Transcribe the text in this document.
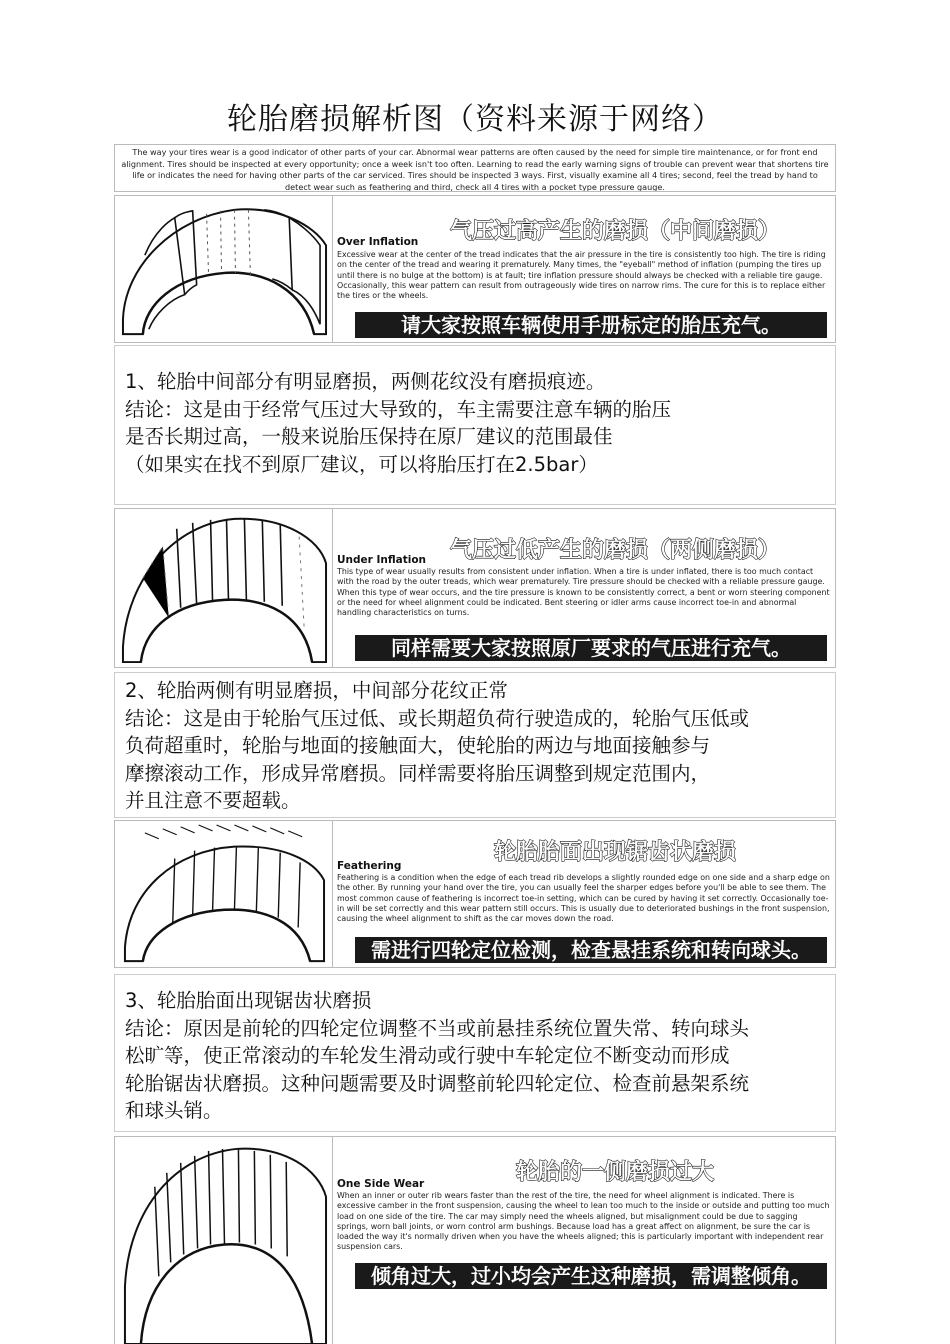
轮胎磨损解析图（资料来源于网络）
The way your tires wear is a good indicator of other parts of your car. Abnormal wear patterns are often caused by the need for simple tire maintenance, or for front end alignment. Tires should be inspected at every opportunity; once a week isn't too often. Learning to read the early warning signs of trouble can prevent wear that shortens tire life or indicates the need for having other parts of the car serviced. Tires should be inspected 3 ways. First, visually examine all 4 tires; second, feel the tread by hand to detect wear such as feathering and third, check all 4 tires with a pocket type pressure gauge.
气压过高产生的磨损（中间磨损）
Over Inflation
Excessive wear at the center of the tread indicates that the air pressure in the tire is consistently too high. The tire is riding on the center of the tread and wearing it prematurely. Many times, the "eyeball" method of inflation (pumping the tires up until there is no bulge at the bottom) is at fault; tire inflation pressure should always be checked with a reliable tire gauge. Occasionally, this wear pattern can result from outrageously wide tires on narrow rims. The cure for this is to replace either the tires or the wheels.
请大家按照车辆使用手册标定的胎压充气。

1、轮胎中间部分有明显磨损，两侧花纹没有磨损痕迹。

结论：这是由于经常气压过大导致的，车主需要注意车辆的胎压

是否长期过高，一般来说胎压保持在原厂建议的范围最佳

（如果实在找不到原厂建议，可以将胎压打在2.5bar）

气压过低产生的磨损（两侧磨损）
Under Inflation
This type of wear usually results from consistent under inflation. When a tire is under inflated, there is too much contact with the road by the outer treads, which wear prematurely. Tire pressure should be checked with a reliable pressure gauge. When this type of wear occurs, and the tire pressure is known to be consistently correct, a bent or worn steering component or the need for wheel alignment could be indicated. Bent steering or idler arms cause incorrect toe-in and abnormal handling characteristics on turns.
同样需要大家按照原厂要求的气压进行充气。

2、轮胎两侧有明显磨损，中间部分花纹正常

结论：这是由于轮胎气压过低、或长期超负荷行驶造成的，轮胎气压低或

负荷超重时，轮胎与地面的接触面大，使轮胎的两边与地面接触参与

摩擦滚动工作，形成异常磨损。同样需要将胎压调整到规定范围内，

并且注意不要超载。

轮胎胎面出现锯齿状磨损
Feathering
Feathering is a condition when the edge of each tread rib develops a slightly rounded edge on one side and a sharp edge on the other. By running your hand over the tire, you can usually feel the sharper edges before you'll be able to see them. The most common cause of feathering is incorrect toe-in setting, which can be cured by having it set correctly. Occasionally toe-in will be set correctly and this wear pattern still occurs. This is usually due to deteriorated bushings in the front suspension, causing the wheel alignment to shift as the car moves down the road.
需进行四轮定位检测，检查悬挂系统和转向球头。

3、轮胎胎面出现锯齿状磨损

结论：原因是前轮的四轮定位调整不当或前悬挂系统位置失常、转向球头

松旷等，使正常滚动的车轮发生滑动或行驶中车轮定位不断变动而形成

轮胎锯齿状磨损。这种问题需要及时调整前轮四轮定位、检查前悬架系统

和球头销。

轮胎的一侧磨损过大
One Side Wear
When an inner or outer rib wears faster than the rest of the tire, the need for wheel alignment is indicated. There is excessive camber in the front suspension, causing the wheel to lean too much to the inside or outside and putting too much load on one side of the tire. The car may simply need the wheels aligned, but misalignment could be due to sagging springs, worn ball joints, or worn control arm bushings. Because load has a great affect on alignment, be sure the car is loaded the way it's normally driven when you have the wheels aligned; this is particularly important with independent rear suspension cars.
倾角过大，过小均会产生这种磨损，需调整倾角。
